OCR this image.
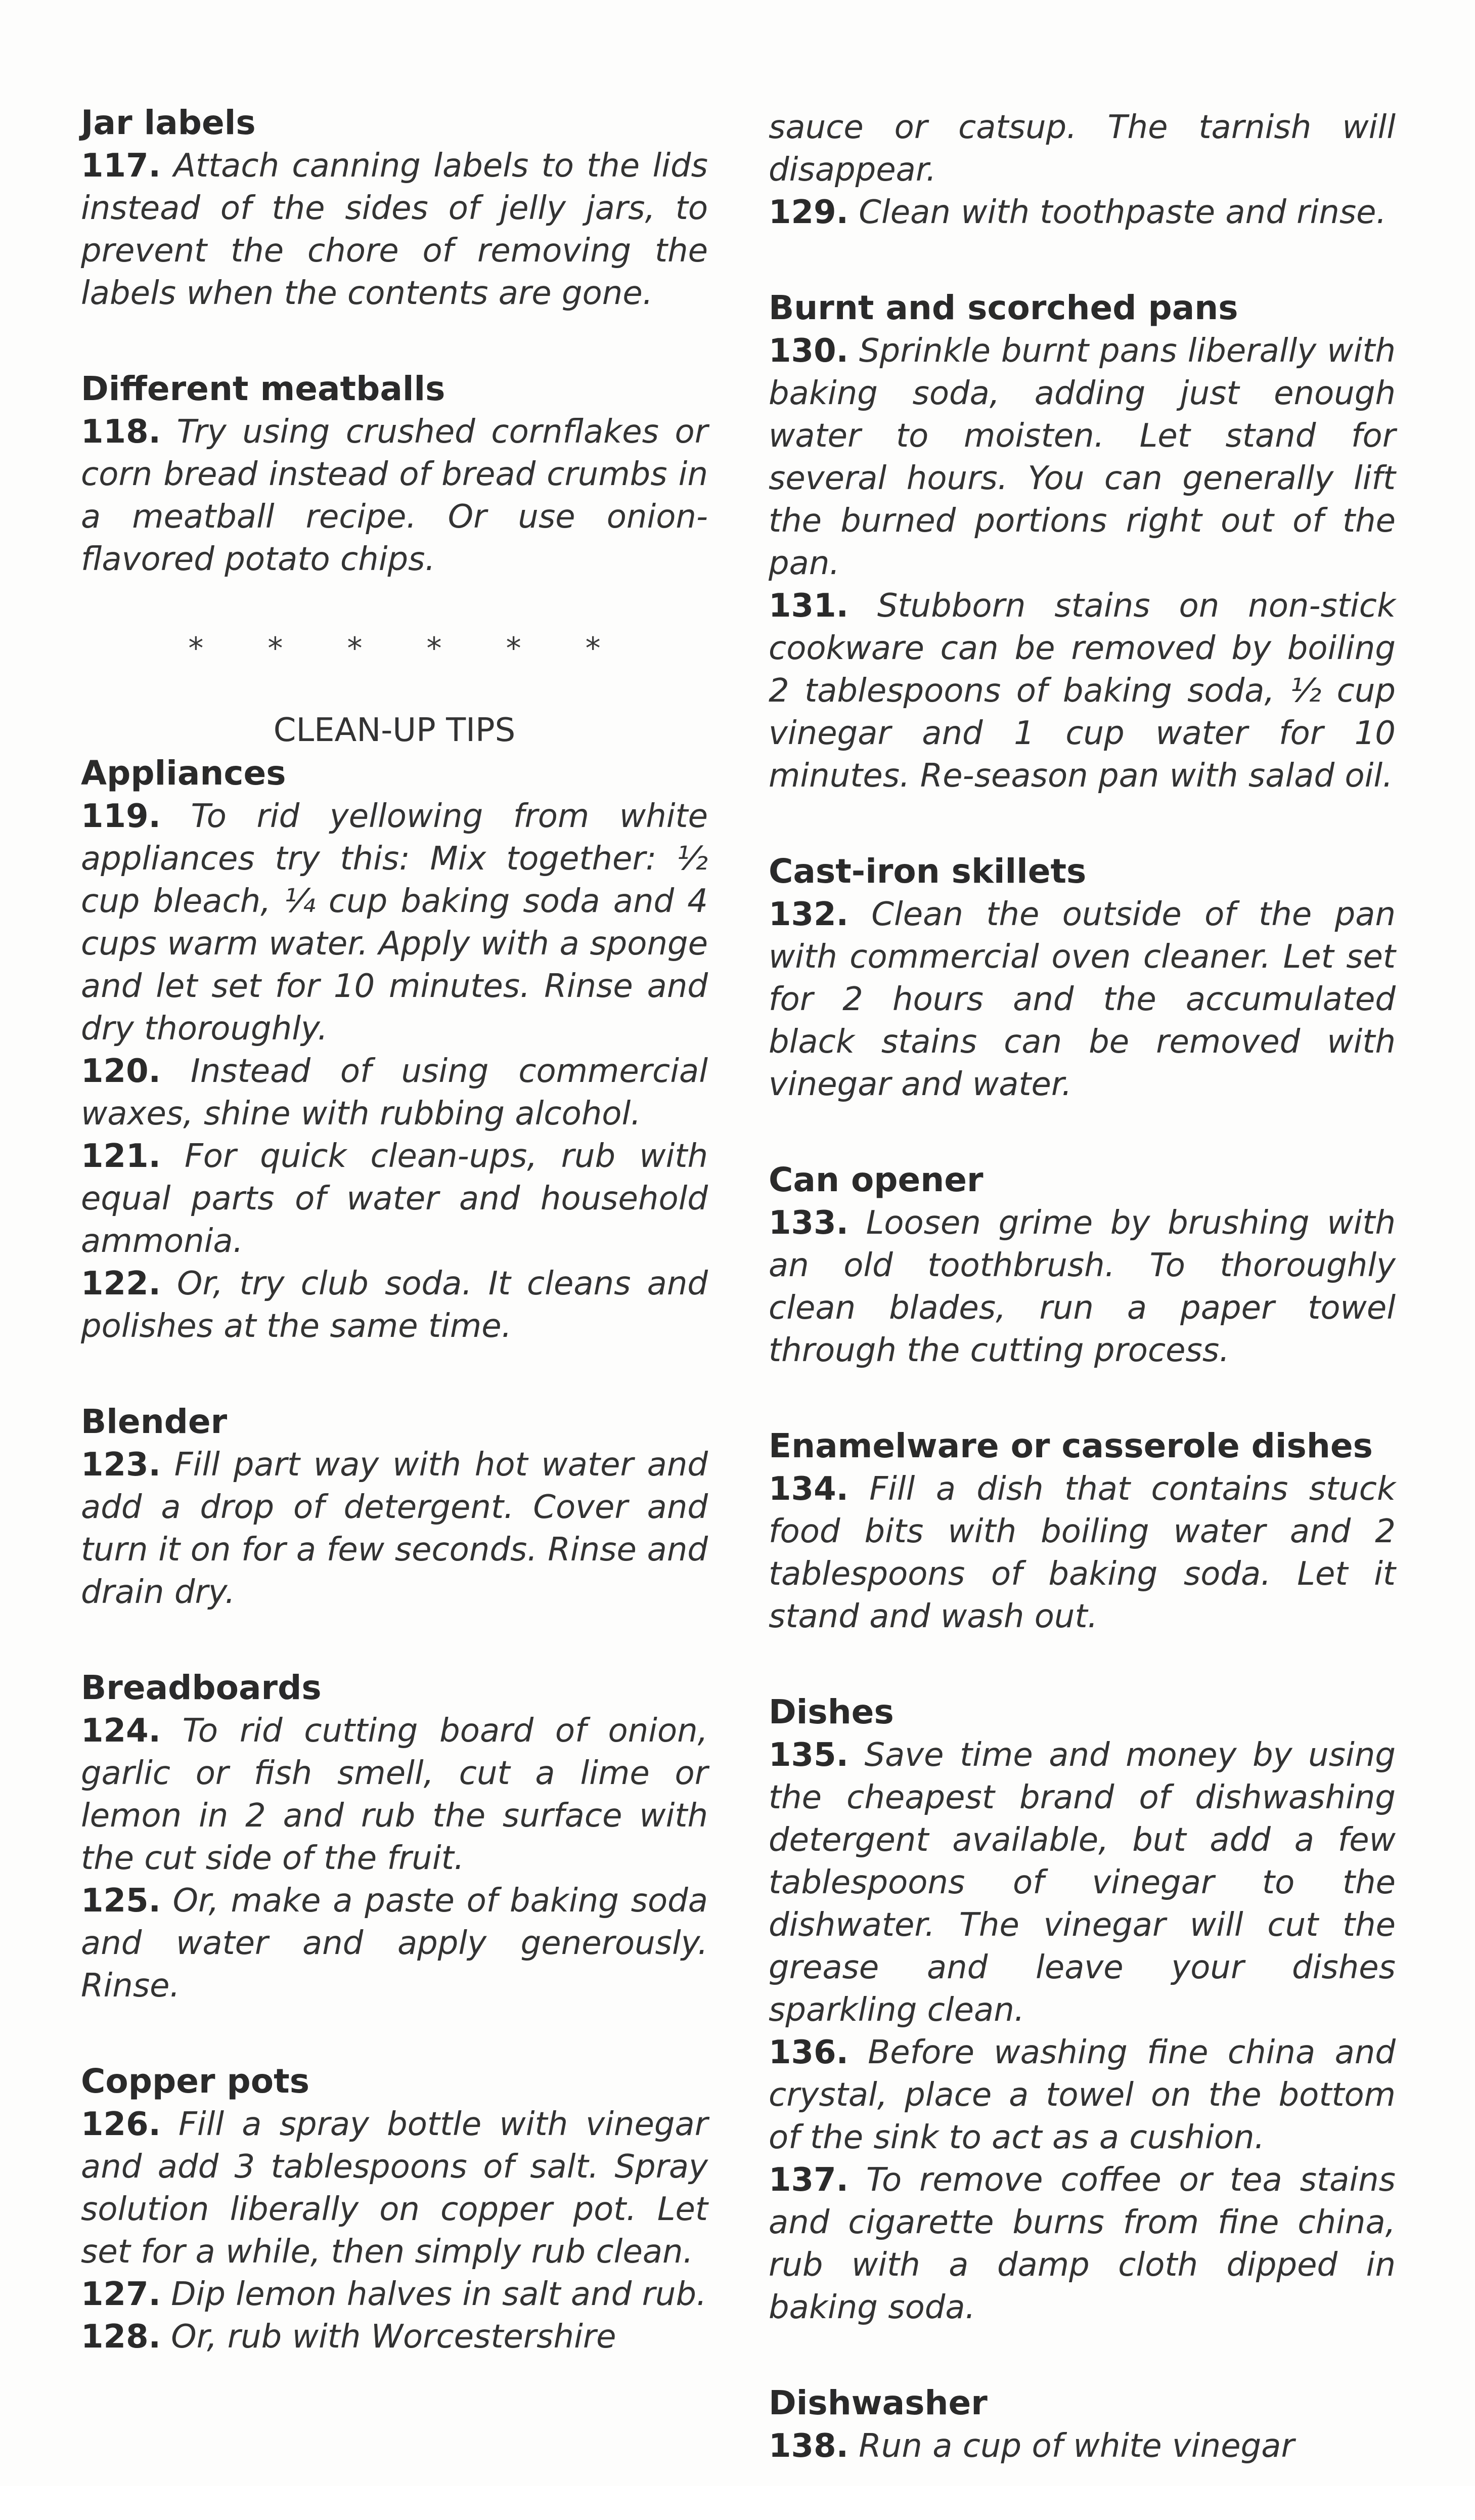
Jar labels

117. Attach canning labels to the lids instead of the sides of jelly jars, to prevent the chore of removing the labels when the contents are gone.

Different meatballs

118. Try using crushed cornflakes or corn bread instead of bread crumbs in a meatball recipe. Or use onion-flavored potato chips.

* * * * * *

CLEAN-UP TIPS

Appliances

119. To rid yellowing from white appliances try this: Mix together: ½ cup bleach, ¼ cup baking soda and 4 cups warm water. Apply with a sponge and let set for 10 minutes. Rinse and dry thoroughly.

120. Instead of using commercial waxes, shine with rubbing alcohol.

121. For quick clean-ups, rub with equal parts of water and household ammonia.

122. Or, try club soda. It cleans and polishes at the same time.

Blender

123. Fill part way with hot water and add a drop of detergent. Cover and turn it on for a few seconds. Rinse and drain dry.

Breadboards

124. To rid cutting board of onion, garlic or fish smell, cut a lime or lemon in 2 and rub the surface with the cut side of the fruit.

125. Or, make a paste of baking soda and water and apply generously. Rinse.

Copper pots

126. Fill a spray bottle with vinegar and add 3 tablespoons of salt. Spray solution liberally on copper pot. Let set for a while, then simply rub clean.

127. Dip lemon halves in salt and rub.

128. Or, rub with Worcestershire

sauce or catsup. The tarnish will disappear.

129. Clean with toothpaste and rinse.

Burnt and scorched pans

130. Sprinkle burnt pans liberally with baking soda, adding just enough water to moisten. Let stand for several hours. You can generally lift the burned portions right out of the pan.

131. Stubborn stains on non-stick cookware can be removed by boiling 2 tablespoons of baking soda, ½ cup vinegar and 1 cup water for 10 minutes. Re-season pan with salad oil.

Cast-iron skillets

132. Clean the outside of the pan with commercial oven cleaner. Let set for 2 hours and the accumulated black stains can be removed with vinegar and water.

Can opener

133. Loosen grime by brushing with an old toothbrush. To thoroughly clean blades, run a paper towel through the cutting process.

Enamelware or casserole dishes

134. Fill a dish that contains stuck food bits with boiling water and 2 tablespoons of baking soda. Let it stand and wash out.

Dishes

135. Save time and money by using the cheapest brand of dishwashing detergent available, but add a few tablespoons of vinegar to the dishwater. The vinegar will cut the grease and leave your dishes sparkling clean.

136. Before washing fine china and crystal, place a towel on the bottom of the sink to act as a cushion.

137. To remove coffee or tea stains and cigarette burns from fine china, rub with a damp cloth dipped in baking soda.

Dishwasher

138. Run a cup of white vinegar
